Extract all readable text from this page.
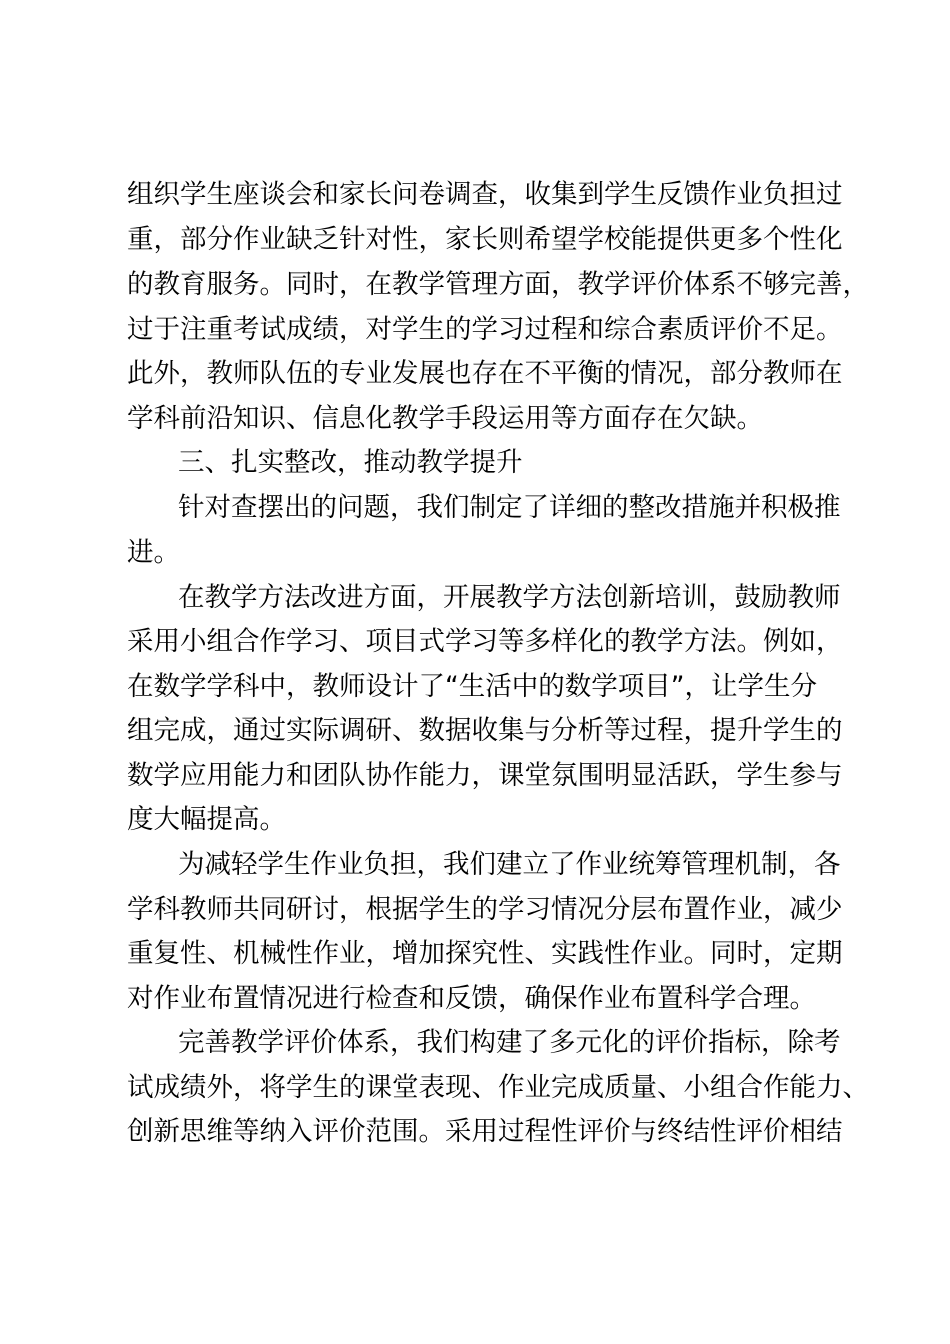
组织学生座谈会和家长问卷调查，收集到学生反馈作业负担过
重，部分作业缺乏针对性，家长则希望学校能提供更多个性化
的教育服务。同时，在教学管理方面，教学评价体系不够完善，
过于注重考试成绩，对学生的学习过程和综合素质评价不足。
此外，教师队伍的专业发展也存在不平衡的情况，部分教师在
学科前沿知识、信息化教学手段运用等方面存在欠缺。
三、扎实整改，推动教学提升
针对查摆出的问题，我们制定了详细的整改措施并积极推
进。
在教学方法改进方面，开展教学方法创新培训，鼓励教师
采用小组合作学习、项目式学习等多样化的教学方法。例如，
在数学学科中，教师设计了“生活中的数学项目”，让学生分
组完成，通过实际调研、数据收集与分析等过程，提升学生的
数学应用能力和团队协作能力，课堂氛围明显活跃，学生参与
度大幅提高。
为减轻学生作业负担，我们建立了作业统筹管理机制，各
学科教师共同研讨，根据学生的学习情况分层布置作业，减少
重复性、机械性作业，增加探究性、实践性作业。同时，定期
对作业布置情况进行检查和反馈，确保作业布置科学合理。
完善教学评价体系，我们构建了多元化的评价指标，除考
试成绩外，将学生的课堂表现、作业完成质量、小组合作能力、
创新思维等纳入评价范围。采用过程性评价与终结性评价相结
